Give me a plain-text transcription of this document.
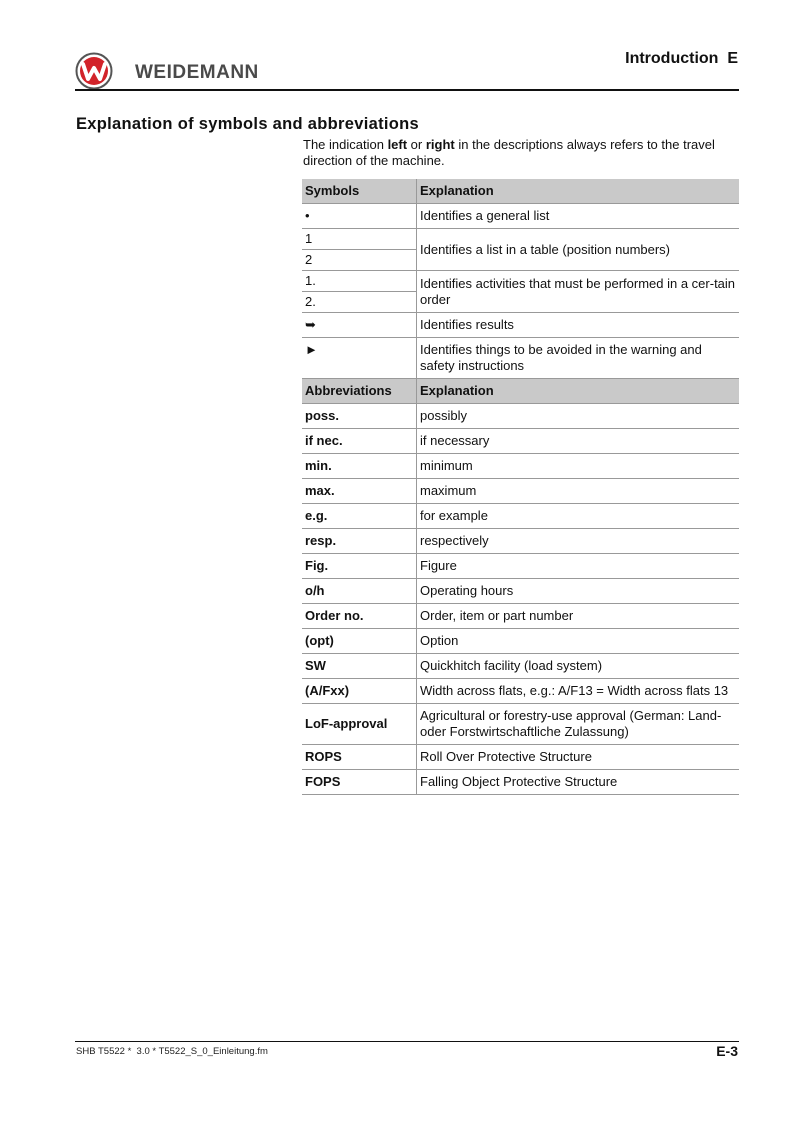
WEIDEMANN
Introduction  E
Explanation of symbols and abbreviations
The indication left or right in the descriptions always refers to the travel direction of the machine.
Symbols	Explanation
•	Identifies a general list
1	Identifies a list in a table (position numbers)
2	
1.	Identifies activities that must be performed in a cer-tain order
2.	
➥	Identifies results
►	Identifies things to be avoided in the warning and safety instructions
Abbreviations	Explanation
poss.	possibly
if nec.	if necessary
min.	minimum
max.	maximum
e.g.	for example
resp.	respectively
Fig.	Figure
o/h	Operating hours
Order no.	Order, item or part number
(opt)	Option
SW	Quickhitch facility (load system)
(A/Fxx)	Width across flats, e.g.: A/F13 = Width across flats 13
LoF-approval	Agricultural or forestry-use approval (German: Land-oder Forstwirtschaftliche Zulassung)
ROPS	Roll Over Protective Structure
FOPS	Falling Object Protective Structure
SHB T5522 *  3.0 * T5522_S_0_Einleitung.fm	E-3
